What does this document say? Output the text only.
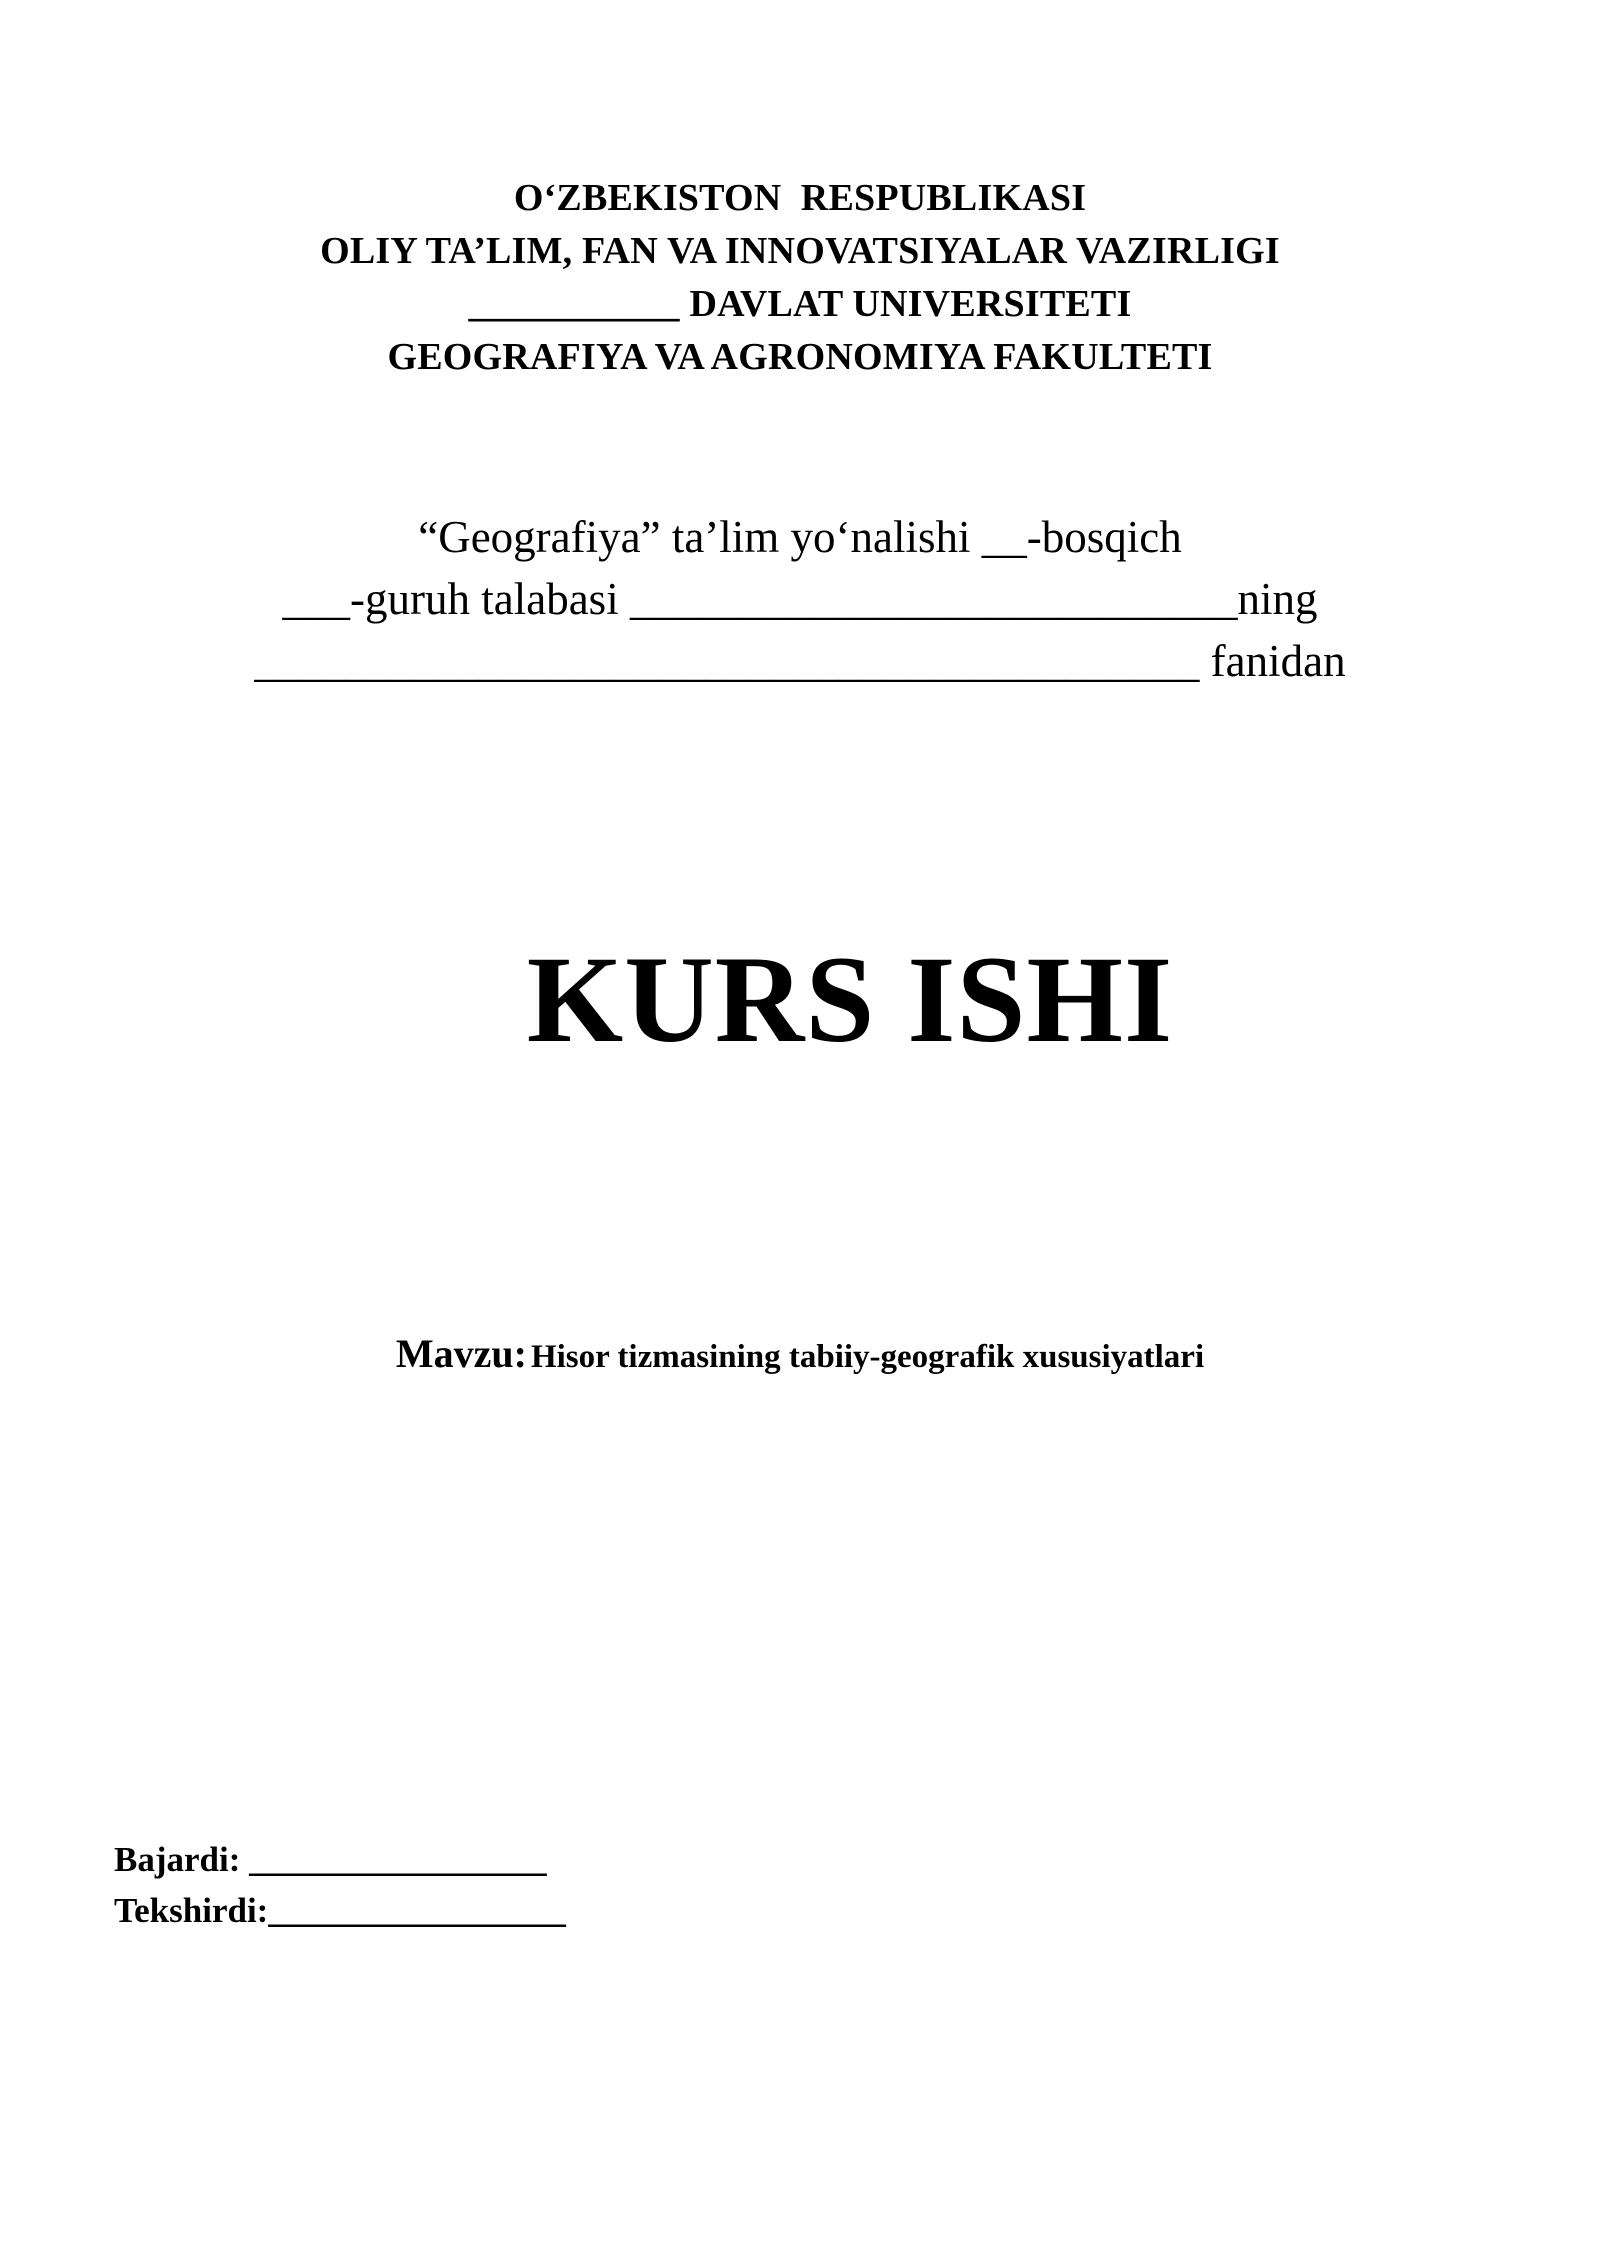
O‘ZBEKISTON  RESPUBLIKASI
OLIY TA’LIM, FAN VA INNOVATSIYALAR VAZIRLIGI
___________ DAVLAT UNIVERSITETI
GEOGRAFIYA VA AGRONOMIYA FAKULTETI
“Geografiya” ta’lim yo‘nalishi __-bosqich
___-guruh talabasi ___________________________ning
__________________________________________ fanidan
KURS ISHI
Mavzu: Hisor tizmasining tabiiy-geografik xususiyatlari
Bajardi: _________________
Tekshirdi:_________________
